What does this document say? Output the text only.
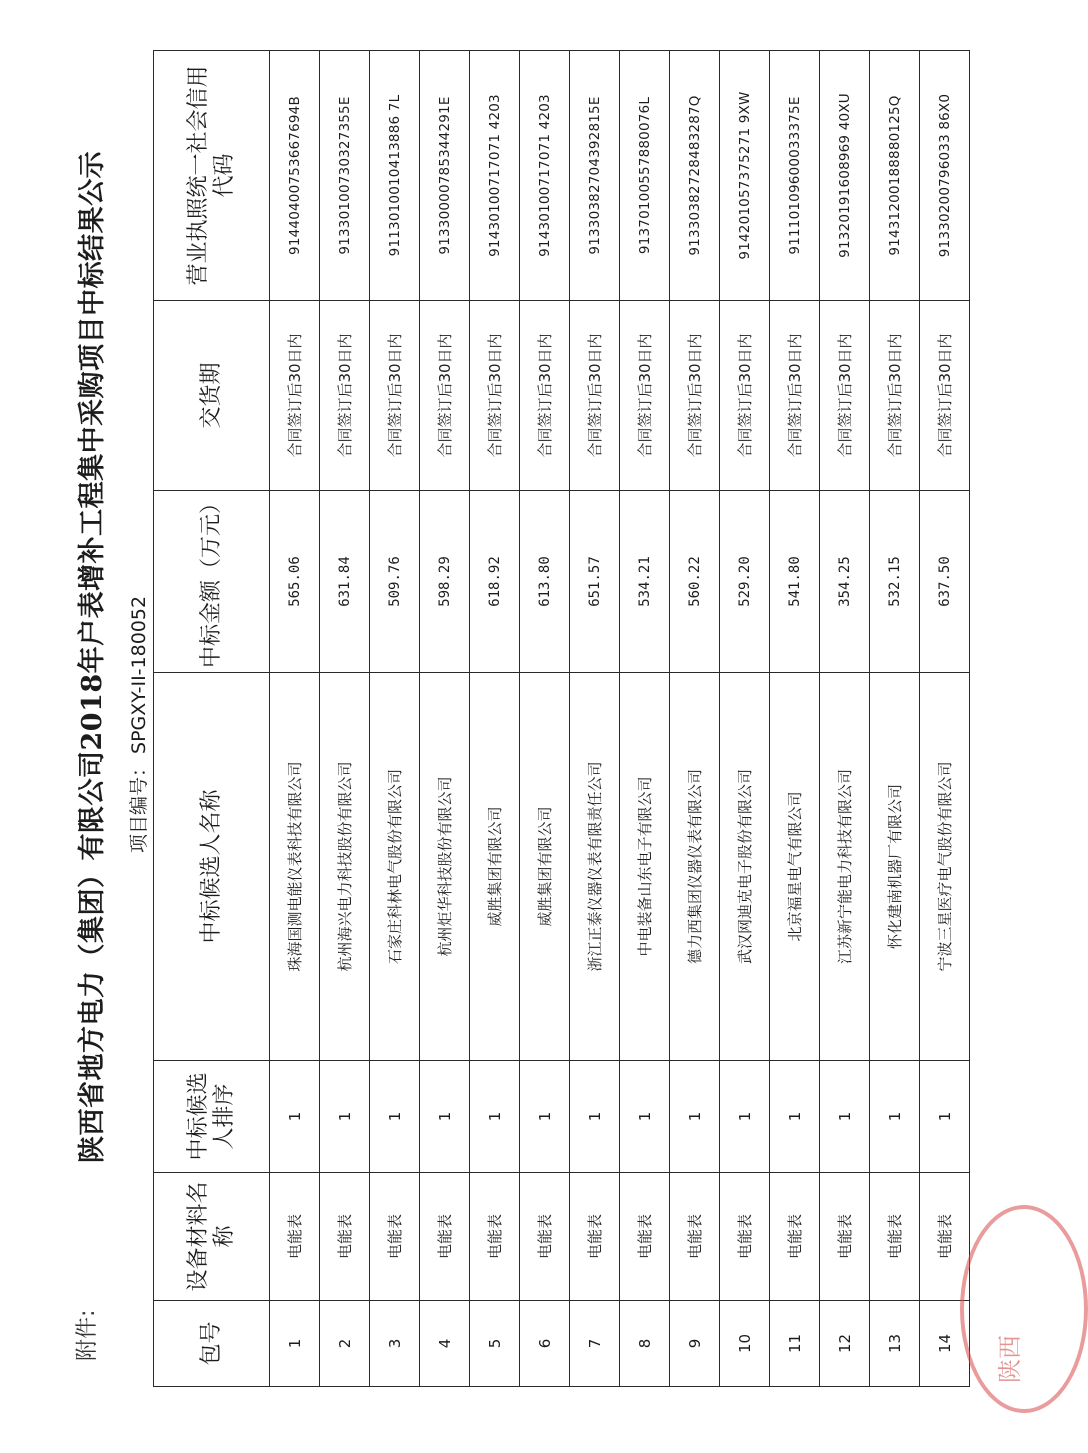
附件:
陕西省地方电力（集团）有限公司2018年户表增补工程集中采购项目中标结果公示 项目编号：SPGXY-II-180052
包号	设备材料名称	中标候选人排序	中标候选人名称	中标金额（万元）	交货期	营业执照统一社会信用代码
1	电能表	1	珠海国测电能仪表科技有限公司	565.06	合同签订后30日内	91440400753667694B
2	电能表	1	杭州海兴电力科技股份有限公司	631.84	合同签订后30日内	91330100730327355E
3	电能表	1	石家庄科林电气股份有限公司	509.76	合同签订后30日内	9113010010413886 7L
4	电能表	1	杭州炬华科技股份有限公司	598.29	合同签订后30日内	91330000785344291E
5	电能表	1	威胜集团有限公司	618.92	合同签订后30日内	91430100717071 4203
6	电能表	1	威胜集团有限公司	613.80	合同签订后30日内	91430100717071 4203
7	电能表	1	浙江正泰仪器仪表有限责任公司	651.57	合同签订后30日内	91330382704392815E
8	电能表	1	中电装备山东电子有限公司	534.21	合同签订后30日内	91370100557880076L
9	电能表	1	德力西集团仪器仪表有限公司	560.22	合同签订后30日内	91330382728483287Q
10	电能表	1	武汉网迪克电子股份有限公司	529.20	合同签订后30日内	914201057375271 9XW
11	电能表	1	北京福星电气有限公司	541.80	合同签订后30日内	91110109600033375E
12	电能表	1	江苏新宁能电力科技有限公司	354.25	合同签订后30日内	91320191608969 40XU
13	电能表	1	怀化建南机器厂有限公司	532.15	合同签订后30日内	91431200188880125Q
14	电能表	1	宁波三星医疗电气股份有限公司	637.50	合同签订后30日内	91330200796033 86X0
陕西
